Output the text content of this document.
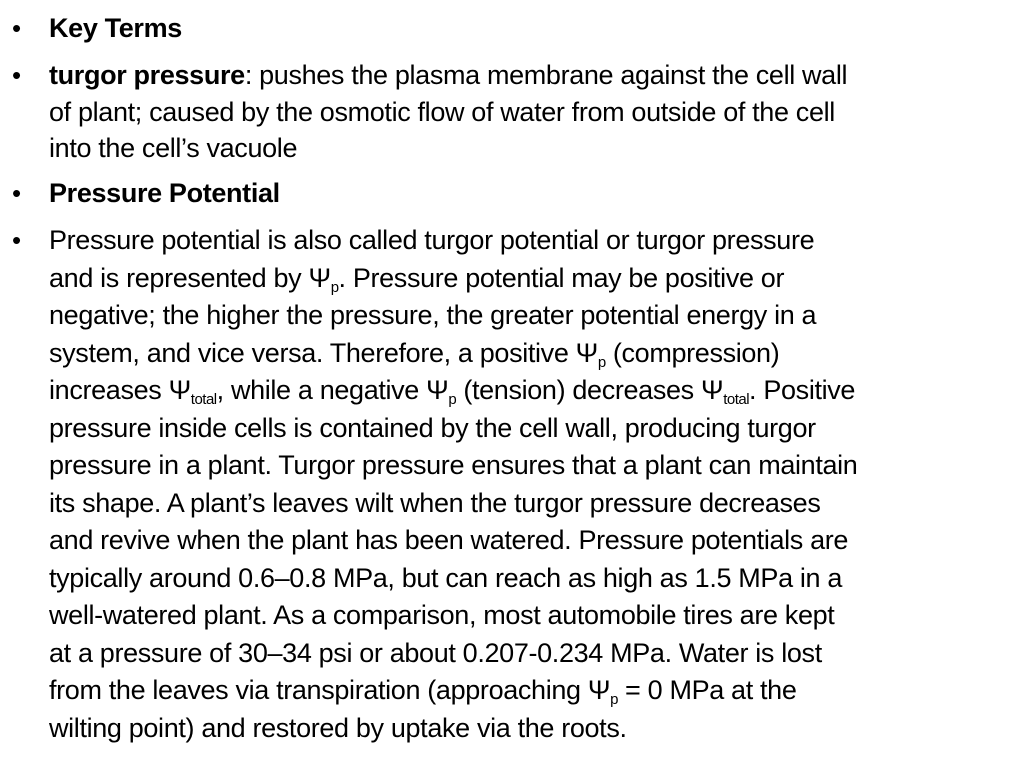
• Key Terms
• turgor pressure: pushes the plasma membrane against the cell wall
of plant; caused by the osmotic flow of water from outside of the cell
into the cell’s vacuole
• Pressure Potential
• Pressure potential is also called turgor potential or turgor pressure
and is represented by $\Psi_p$. Pressure potential may be positive or
negative; the higher the pressure, the greater potential energy in a
system, and vice versa. Therefore, a positive $\Psi_p$ (compression)
increases $\Psi_{total}$, while a negative $\Psi_p$ (tension) decreases $\Psi_{total}$. Positive
pressure inside cells is contained by the cell wall, producing turgor
pressure in a plant. Turgor pressure ensures that a plant can maintain
its shape. A plant’s leaves wilt when the turgor pressure decreases
and revive when the plant has been watered. Pressure potentials are
typically around 0.6–0.8 MPa, but can reach as high as 1.5 MPa in a
well-watered plant. As a comparison, most automobile tires are kept
at a pressure of 30–34 psi or about 0.207-0.234 MPa. Water is lost
from the leaves via transpiration (approaching $\Psi_p = 0$ MPa at the
wilting point) and restored by uptake via the roots.
